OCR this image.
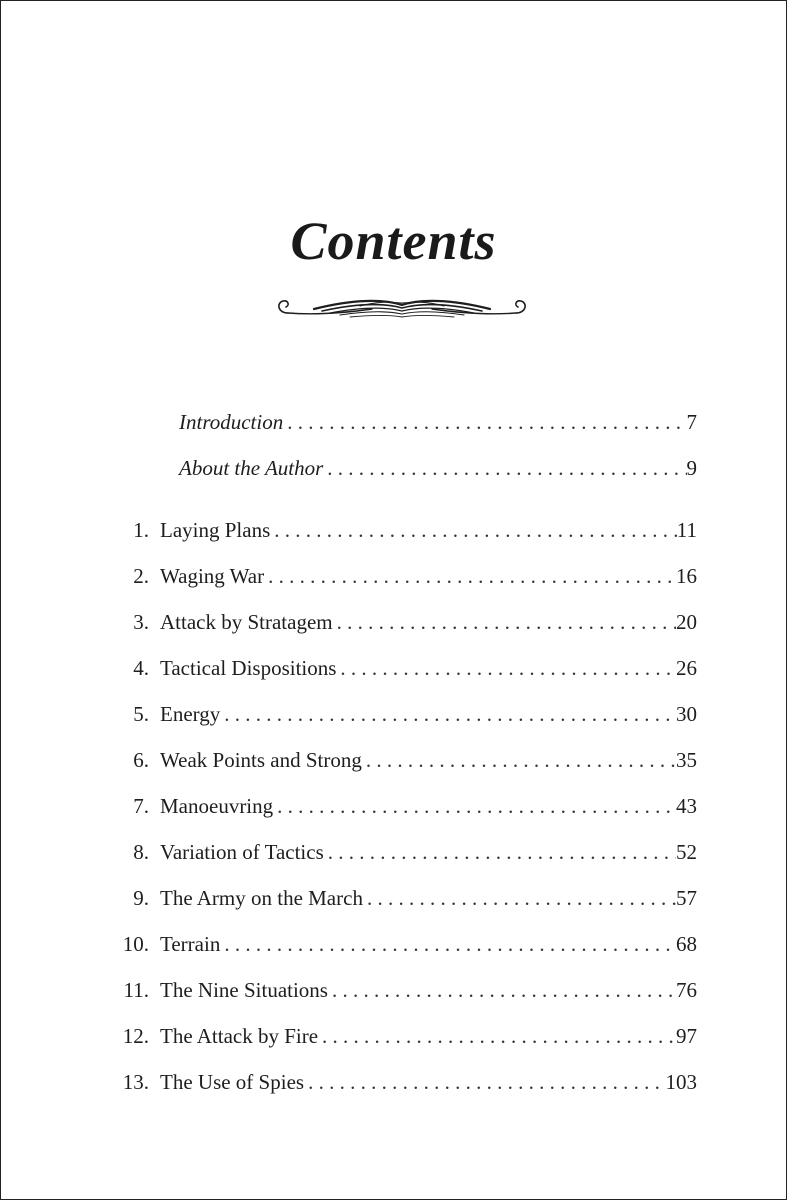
Contents
Introduction . . .	7
About the Author . . .	9
1. Laying Plans . . .	11
2. Waging War . . .	16
3. Attack by Stratagem . . .	20
4. Tactical Dispositions . . .	26
5. Energy . . .	30
6. Weak Points and Strong . . .	35
7. Manoeuvring . . .	43
8. Variation of Tactics . . .	52
9. The Army on the March . . .	57
10. Terrain . . .	68
11. The Nine Situations . . .	76
12. The Attack by Fire . . .	97
13. The Use of Spies . . .	103
